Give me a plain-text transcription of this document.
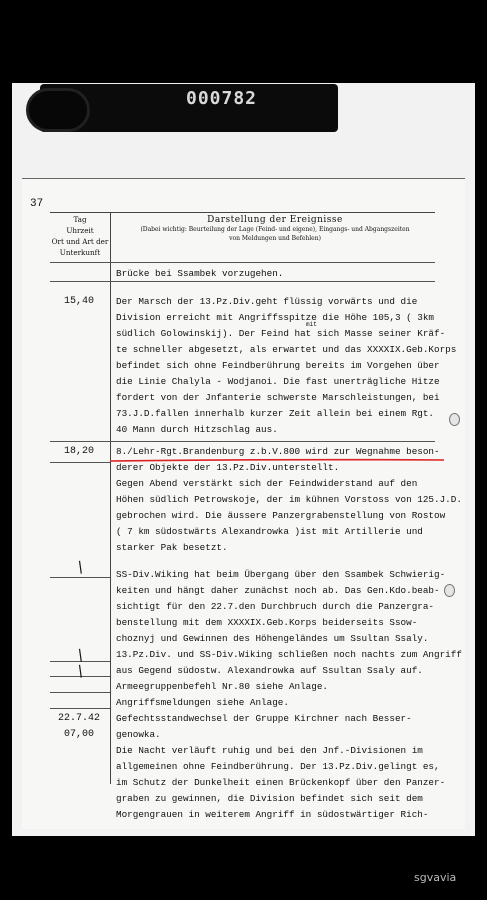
000782
37
Tag
Uhrzeit
Ort und Art der
Unterkunft
Darstellung der Ereignisse
(Dabei wichtig: Beurteilung der Lage (Feind- und eigene), Eingangs- und Abgangszeiten
von Meldungen und Befehlen)
Brücke bei Ssambek vorzugehen.
15,40	Der Marsch der 13.Pz.Div.geht flüssig vorwärts und die
Division erreicht mit Angriffsspitze die Höhe 105,3 ( 3km
südlich Golowinskij). Der Feind hat sich Masse seiner Kräf-
mit
te schneller abgesetzt, als erwartet und das XXXXIX.Geb.Korps
befindet sich ohne Feindberührung bereits im Vorgehen über
die Linie Chalyla - Wodjanoi. Die fast unerträgliche Hitze
fordert von der Jnfanterie schwerste Marschleistungen, bei
73.J.D.fallen innerhalb kurzer Zeit allein bei einem Rgt.
40 Mann durch Hitzschlag aus.
18,20	8./Lehr-Rgt.Brandenburg z.b.V.800 wird zur Wegnahme beson-
derer Objekte der 13.Pz.Div.unterstellt.
Gegen Abend verstärkt sich der Feindwiderstand auf den
Höhen südlich Petrowskoje, der im kühnen Vorstoss von 125.J.D.
gebrochen wird. Die äussere Panzergrabenstellung von Rostow
( 7 km südostwärts Alexandrowka )ist mit Artillerie und
starker Pak besetzt.
/	SS-Div.Wiking hat beim Übergang über den Ssambek Schwierig-
keiten und hängt daher zunächst noch ab. Das Gen.Kdo.beab-
sichtigt für den 22.7.den Durchbruch durch die Panzergra-
benstellung mit dem XXXXIX.Geb.Korps beiderseits Ssow-
choznyj und Gewinnen des Höhengeländes um Ssultan Ssaly.
13.Pz.Div. und SS-Div.Wiking schließen noch nachts zum Angriff
aus Gegend südostw. Alexandrowka auf Ssultan Ssaly auf.
/
Armeegruppenbefehl Nr.80 siehe Anlage.
/
Angriffsmeldungen siehe Anlage.
22.7.42	Gefechtsstandwechsel der Gruppe Kirchner nach Besser-
genowka.
07,00
Die Nacht verläuft ruhig und bei den Jnf.-Divisionen im
allgemeinen ohne Feindberührung. Der 13.Pz.Div.gelingt es,
im Schutz der Dunkelheit einen Brückenkopf über den Panzer-
graben zu gewinnen, die Division befindet sich seit dem
Morgengrauen in weiterem Angriff in südostwärtiger Rich-
sgvavia
